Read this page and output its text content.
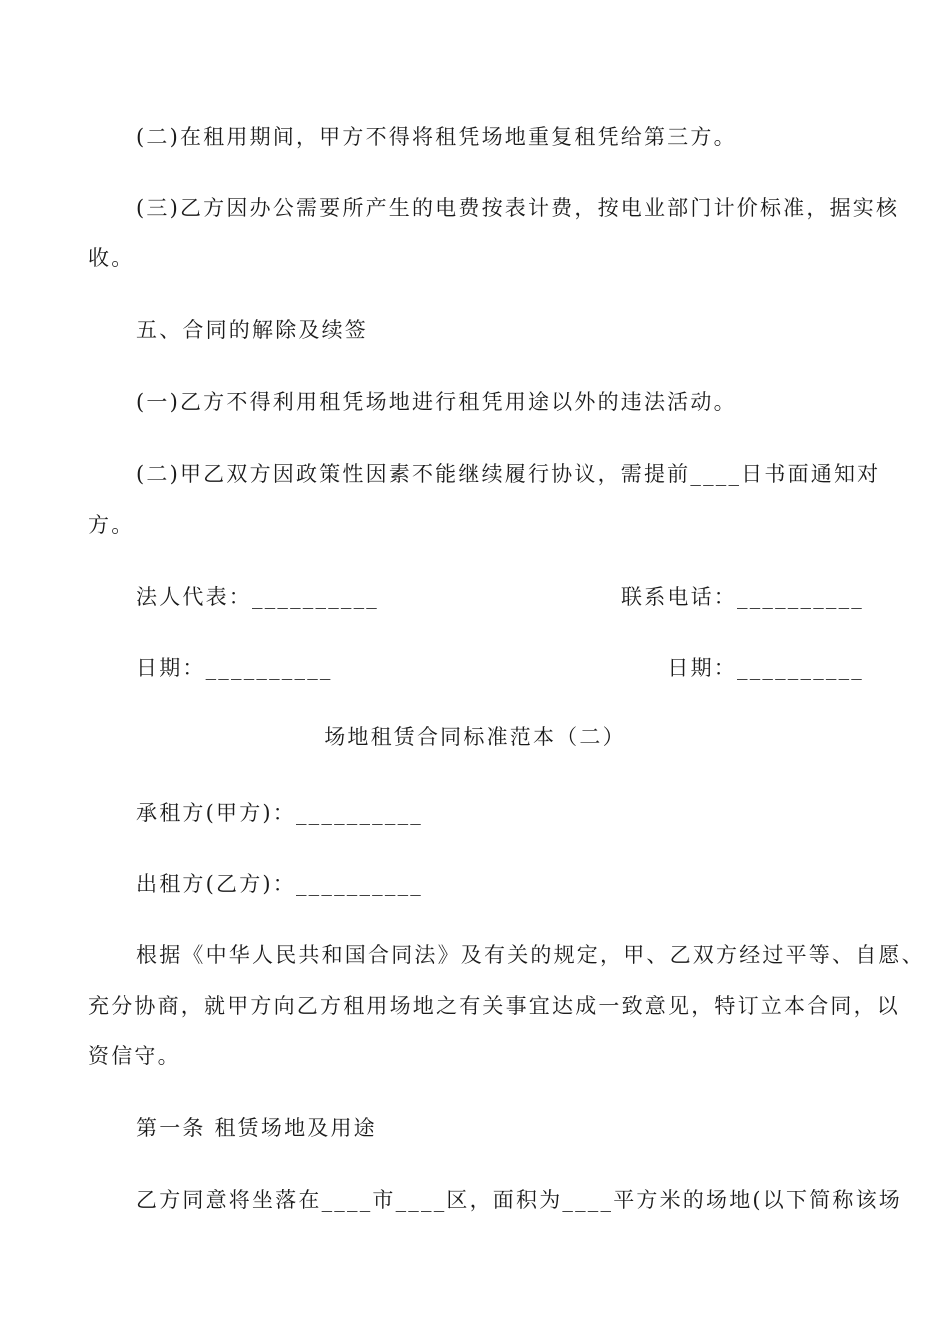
(二)在租用期间，甲方不得将租凭场地重复租凭给第三方。
(三)乙方因办公需要所产生的电费按表计费，按电业部门计价标准，据实核
收。
五、合同的解除及续签
(一)乙方不得利用租凭场地进行租凭用途以外的违法活动。
(二)甲乙双方因政策性因素不能继续履行协议，需提前____日书面通知对
方。
法人代表：__________	联系电话：__________
日期：__________	日期：__________
场地租赁合同标准范本（二）
承租方(甲方)：__________
出租方(乙方)：__________
根据《中华人民共和国合同法》及有关的规定，甲、乙双方经过平等、自愿、
充分协商，就甲方向乙方租用场地之有关事宜达成一致意见，特订立本合同，以
资信守。
第一条 租赁场地及用途
乙方同意将坐落在____市____区，面积为____平方米的场地(以下简称该场
